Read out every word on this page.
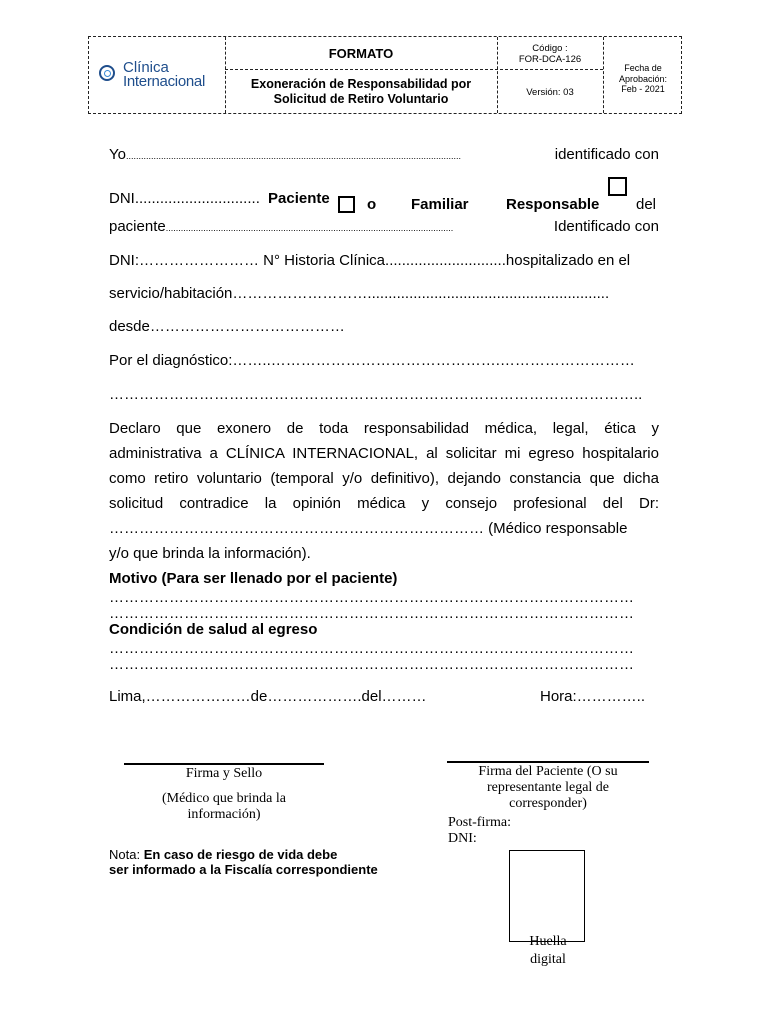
Clínica
Internacional
FORMATO
Exoneración de Responsabilidad por
Solicitud de Retiro Voluntario
Código :
FOR-DCA-126
Versión: 03
Fecha de
Aprobación:
Feb - 2021
Yo ......................................................................................................................................	identificado con
DNI.............................. Paciente o Familiar Responsable del
paciente ...................................................................................................................	Identificado con
DNI:…………………… N° Historia Clínica.............................hospitalizado en el
servicio/habitación………………………..........................................................
desde…………………………………
Por el diagnóstico:……..……………………………………….………………………
……………………………………………………………………………………………..
Declaro que exonero de toda responsabilidad médica, legal, ética y
administrativa a CLÍNICA INTERNACIONAL, al solicitar mi egreso hospitalario
como retiro voluntario (temporal y/o definitivo), dejando constancia que dicha
solicitud contradice la opinión médica y consejo profesional del Dr:
………………………………………………………………… (Médico responsable
y/o que brinda la información).
Motivo (Para ser llenado por el paciente)
……………………………………………………………………………………………
……………………………………………………………………………………………
Condición de salud al egreso
……………………………………………………………………………………………
……………………………………………………………………………………………
Lima,…………………de……………….del………	Hora:…………..
Firma y Sello
(Médico que brinda la
información)
Firma del Paciente (O su
representante legal de
corresponder)
Post-firma:
DNI:
Huella
digital
Nota: En caso de riesgo de vida debe
ser informado a la Fiscalía correspondiente
